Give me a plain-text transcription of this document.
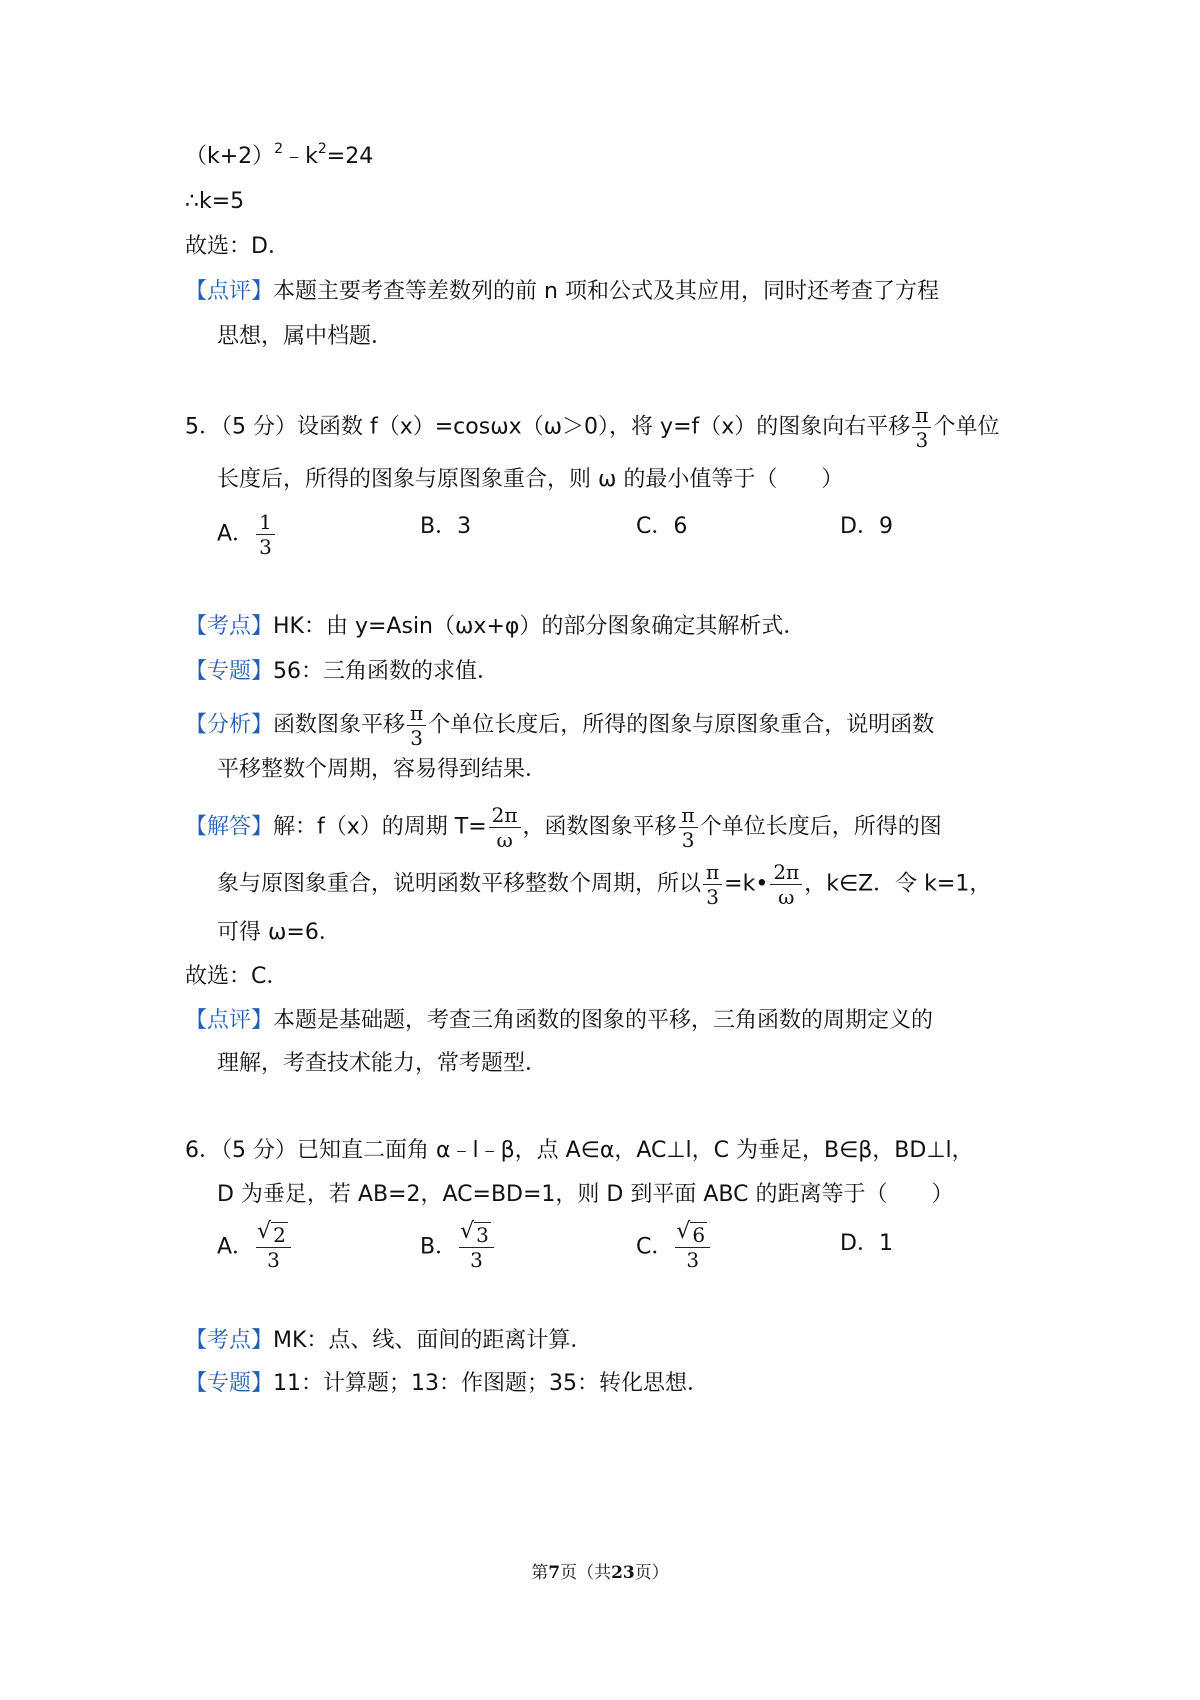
$(k+2)^2﹣k^2=24$
∴k=5
故选：D．
【点评】本题主要考查等差数列的前 n 项和公式及其应用，同时还考查了方程
思想，属中档题．
5．（5 分）设函数 f（x）=cosωx（ω＞0），将 y=f（x）的图象向右平移 $\frac{\pi}{3}$ 个单位
长度后，所得的图象与原图象重合，则 ω 的最小值等于（　　）
A． $\frac{1}{3}$	B．3	C．6	D．9
【考点】HK：由 y=Asin（ωx+φ）的部分图象确定其解析式．
【专题】56：三角函数的求值．
【分析】函数图象平移 $\frac{\pi}{3}$ 个单位长度后，所得的图象与原图象重合，说明函数
平移整数个周期，容易得到结果．
【解答】解：f（x）的周期 $T= \frac{2\pi}{\omega}$ ，函数图象平移 $\frac{\pi}{3}$ 个单位长度后，所得的图
象与原图象重合，说明函数平移整数个周期，所以 $\frac{\pi}{3}$ =k• $\frac{2\pi}{\omega}$ ，k∈Z．令 k=1，
可得 ω=6．
故选：C．
【点评】本题是基础题，考查三角函数的图象的平移，三角函数的周期定义的
理解，考查技术能力，常考题型．
6．（5 分）已知直二面角 α﹣l﹣β，点 A∈α，AC⊥l，C 为垂足，B∈β，BD⊥l，
D 为垂足，若 AB=2，AC=BD=1，则 D 到平面 ABC 的距离等于（　　）
A． √ $\frac{2}{3}$	B． √ $\frac{3}{3}$	C． √ $\frac{6}{3}$	D．1
【考点】MK：点、线、面间的距离计算．
【专题】11：计算题；13：作图题；35：转化思想．
第7页（共23页）
